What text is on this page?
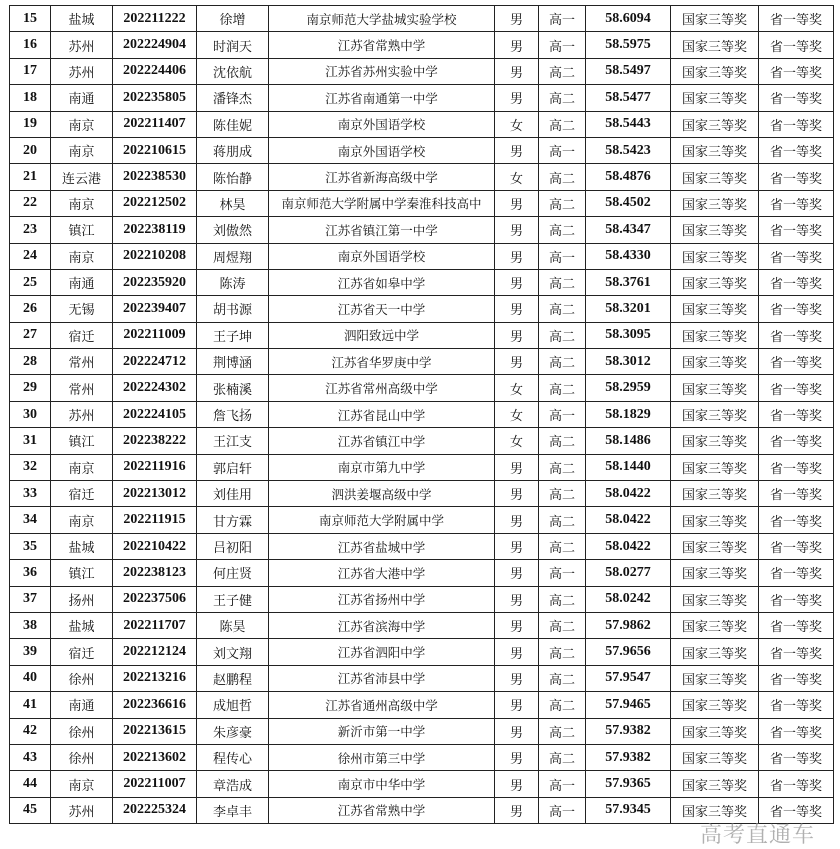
15	盐城	202211222	徐增	南京师范大学盐城实验学校	男	高一	58.6094	国家三等奖	省一等奖
16	苏州	202224904	时润天	江苏省常熟中学	男	高一	58.5975	国家三等奖	省一等奖
17	苏州	202224406	沈依航	江苏省苏州实验中学	男	高二	58.5497	国家三等奖	省一等奖
18	南通	202235805	潘锋杰	江苏省南通第一中学	男	高二	58.5477	国家三等奖	省一等奖
19	南京	202211407	陈佳妮	南京外国语学校	女	高二	58.5443	国家三等奖	省一等奖
20	南京	202210615	蒋朋成	南京外国语学校	男	高一	58.5423	国家三等奖	省一等奖
21	连云港	202238530	陈怡静	江苏省新海高级中学	女	高二	58.4876	国家三等奖	省一等奖
22	南京	202212502	林昊	南京师范大学附属中学秦淮科技高中	男	高二	58.4502	国家三等奖	省一等奖
23	镇江	202238119	刘傲然	江苏省镇江第一中学	男	高二	58.4347	国家三等奖	省一等奖
24	南京	202210208	周煜翔	南京外国语学校	男	高一	58.4330	国家三等奖	省一等奖
25	南通	202235920	陈涛	江苏省如皋中学	男	高二	58.3761	国家三等奖	省一等奖
26	无锡	202239407	胡书源	江苏省天一中学	男	高二	58.3201	国家三等奖	省一等奖
27	宿迁	202211009	王子坤	泗阳致远中学	男	高二	58.3095	国家三等奖	省一等奖
28	常州	202224712	荆博涵	江苏省华罗庚中学	男	高二	58.3012	国家三等奖	省一等奖
29	常州	202224302	张楠溪	江苏省常州高级中学	女	高二	58.2959	国家三等奖	省一等奖
30	苏州	202224105	詹飞扬	江苏省昆山中学	女	高一	58.1829	国家三等奖	省一等奖
31	镇江	202238222	王江支	江苏省镇江中学	女	高二	58.1486	国家三等奖	省一等奖
32	南京	202211916	郭启轩	南京市第九中学	男	高二	58.1440	国家三等奖	省一等奖
33	宿迁	202213012	刘佳用	泗洪姜堰高级中学	男	高二	58.0422	国家三等奖	省一等奖
34	南京	202211915	甘方霖	南京师范大学附属中学	男	高二	58.0422	国家三等奖	省一等奖
35	盐城	202210422	吕初阳	江苏省盐城中学	男	高二	58.0422	国家三等奖	省一等奖
36	镇江	202238123	何庄贤	江苏省大港中学	男	高一	58.0277	国家三等奖	省一等奖
37	扬州	202237506	王子健	江苏省扬州中学	男	高二	58.0242	国家三等奖	省一等奖
38	盐城	202211707	陈昊	江苏省滨海中学	男	高二	57.9862	国家三等奖	省一等奖
39	宿迁	202212124	刘文翔	江苏省泗阳中学	男	高二	57.9656	国家三等奖	省一等奖
40	徐州	202213216	赵鹏程	江苏省沛县中学	男	高二	57.9547	国家三等奖	省一等奖
41	南通	202236616	成旭哲	江苏省通州高级中学	男	高二	57.9465	国家三等奖	省一等奖
42	徐州	202213615	朱彦豪	新沂市第一中学	男	高二	57.9382	国家三等奖	省一等奖
43	徐州	202213602	程传心	徐州市第三中学	男	高二	57.9382	国家三等奖	省一等奖
44	南京	202211007	章浩成	南京市中华中学	男	高一	57.9365	国家三等奖	省一等奖
45	苏州	202225324	李卓丰	江苏省常熟中学	男	高一	57.9345	国家三等奖	省一等奖
高考直通车
